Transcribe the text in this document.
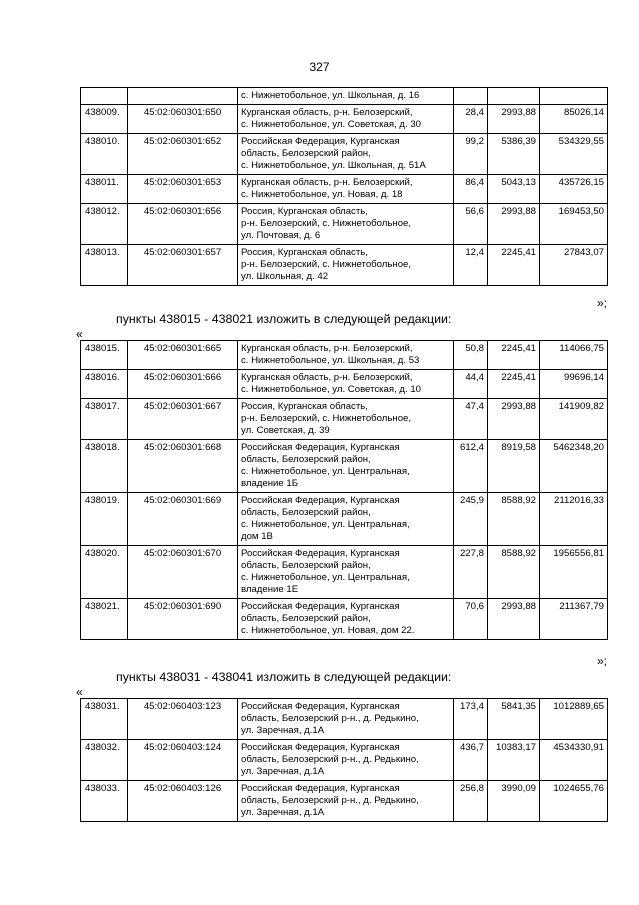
327

		с. Нижнетобольное, ул. Школьная, д. 16			

438009.	45:02:060301:650	Курганская область, р-н. Белозерский,
с. Нижнетобольное, ул. Советская, д. 30	28,4	2993,88	85026,14
438010.	45:02:060301:652	Российская Федерация, Курганская
область, Белозерский район,
с. Нижнетобольное, ул. Школьная, д. 51А	99,2	5386,39	534329,55
438011.	45:02:060301:653	Курганская область, р-н. Белозерский,
с. Нижнетобольное, ул. Новая, д. 18	86,4	5043,13	435726,15
438012.	45:02:060301:656	Россия, Курганская область,
р-н. Белозерский, с. Нижнетобольное,
ул. Почтовая, д. 6	56,6	2993,88	169453,50
438013.	45:02:060301:657	Россия, Курганская область,
р-н. Белозерский, с. Нижнетобольное,
ул. Школьная, д. 42	12,4	2245,41	27843,07
»;
пункты 438015 - 438021 изложить в следующей редакции:
«
438015.	45:02:060301:665	Курганская область, р-н. Белозерский,
с. Нижнетобольное, ул. Школьная, д. 53	50,8	2245,41	114066,75
438016.	45:02:060301:666	Курганская область, р-н. Белозерский,
с. Нижнетобольное, ул. Советская, д. 10	44,4	2245,41	99696,14
438017.	45:02:060301:667	Россия, Курганская область,
р-н. Белозерский, с. Нижнетобольное,
ул. Советская, д. 39	47,4	2993,88	141909,82
438018.	45:02:060301:668	Российская Федерация, Курганская
область, Белозерский район,
с. Нижнетобольное, ул. Центральная,
владение 1Б	612,4	8919,58	5462348,20
438019.	45:02:060301:669	Российская Федерация, Курганская
область, Белозерский район,
с. Нижнетобольное, ул. Центральная,
дом 1В	245,9	8588,92	2112016,33
438020.	45:02:060301:670	Российская Федерация, Курганская
область, Белозерский район,
с. Нижнетобольное, ул. Центральная,
владение 1Е	227,8	8588,92	1956556,81
438021.	45:02:060301:690	Российская Федерация, Курганская
область, Белозерский район,
с. Нижнетобольное, ул. Новая, дом 22.	70,6	2993,88	211367,79
»;
пункты 438031 - 438041 изложить в следующей редакции:
«
438031.	45:02:060403:123	Российская Федерация, Курганская
область, Белозерский р-н., д. Редькино,
ул. Заречная, д.1А	173,4	5841,35	1012889,65
438032.	45:02:060403:124	Российская Федерация, Курганская
область, Белозерский р-н., д. Редькино,
ул. Заречная, д.1А	436,7	10383,17	4534330,91
438033.	45:02:060403:126	Российская Федерация, Курганская
область, Белозерский р-н., д. Редькино,
ул. Заречная, д.1А	256,8	3990,09	1024655,76
